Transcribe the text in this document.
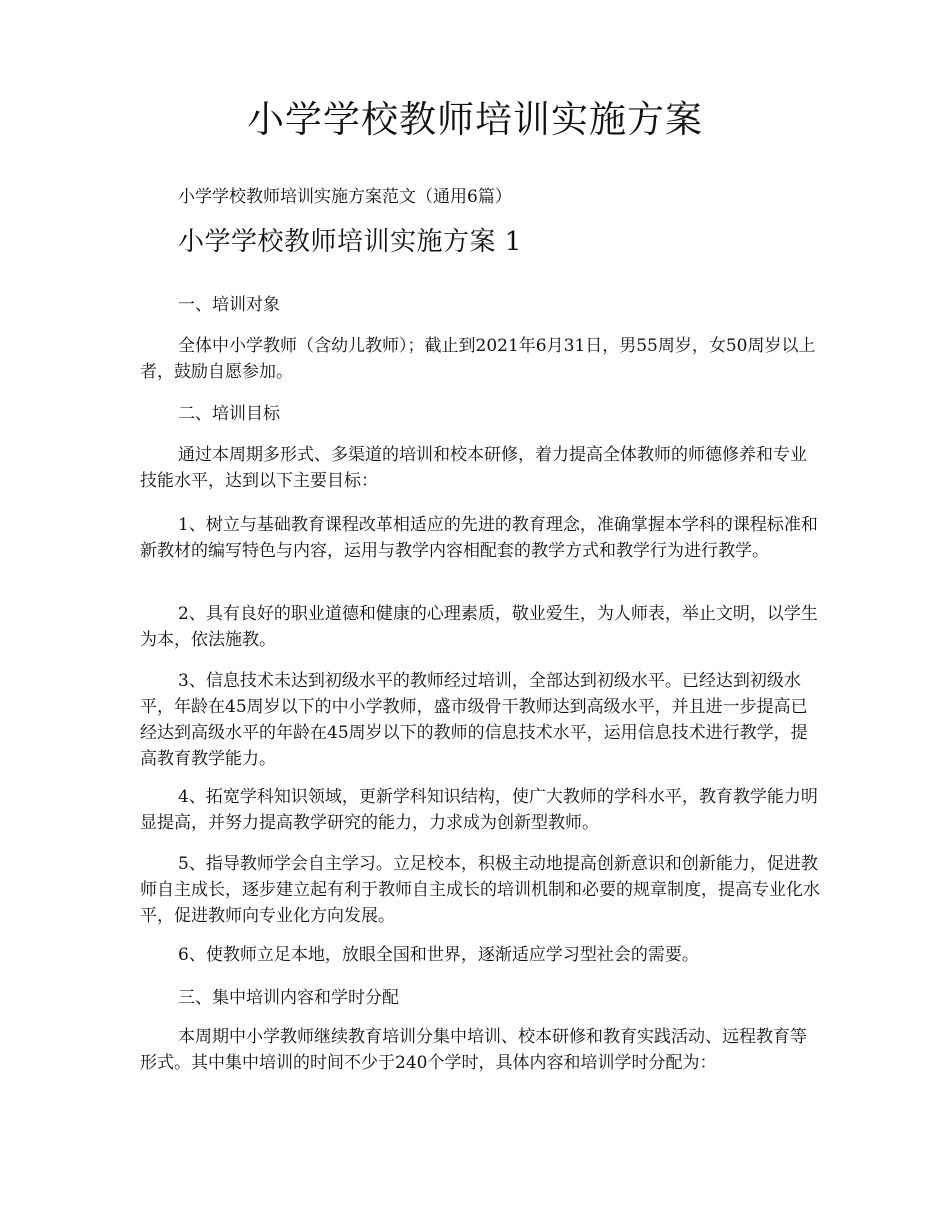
小学学校教师培训实施方案

小学学校教师培训实施方案范文（通用6篇）

小学学校教师培训实施方案 1

一、培训对象

全体中小学教师（含幼儿教师）；截止到2021年6月31日，男55周岁，女50周岁以上者，鼓励自愿参加。

二、培训目标

通过本周期多形式、多渠道的培训和校本研修，着力提高全体教师的师德修养和专业技能水平，达到以下主要目标：

1、树立与基础教育课程改革相适应的先进的教育理念，准确掌握本学科的课程标准和新教材的编写特色与内容，运用与教学内容相配套的教学方式和教学行为进行教学。

2、具有良好的职业道德和健康的心理素质，敬业爱生，为人师表，举止文明，以学生为本，依法施教。

3、信息技术未达到初级水平的教师经过培训，全部达到初级水平。已经达到初级水平，年龄在45周岁以下的中小学教师，盛市级骨干教师达到高级水平，并且进一步提高已经达到高级水平的年龄在45周岁以下的教师的信息技术水平，运用信息技术进行教学，提高教育教学能力。

4、拓宽学科知识领域，更新学科知识结构，使广大教师的学科水平，教育教学能力明显提高，并努力提高教学研究的能力，力求成为创新型教师。

5、指导教师学会自主学习。立足校本，积极主动地提高创新意识和创新能力，促进教师自主成长，逐步建立起有利于教师自主成长的培训机制和必要的规章制度，提高专业化水平，促进教师向专业化方向发展。

6、使教师立足本地，放眼全国和世界，逐渐适应学习型社会的需要。

三、集中培训内容和学时分配

本周期中小学教师继续教育培训分集中培训、校本研修和教育实践活动、远程教育等形式。其中集中培训的时间不少于240个学时，具体内容和培训学时分配为：
